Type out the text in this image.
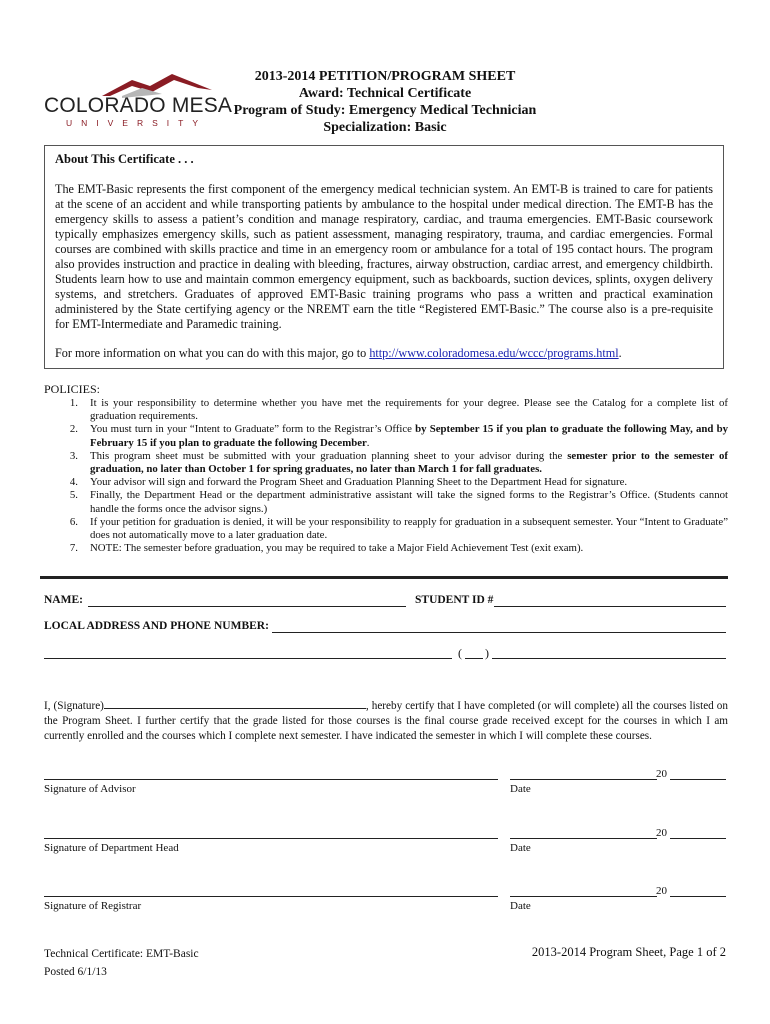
COLORADO MESA
UNIVERSITY
2013-2014 PETITION/PROGRAM SHEET
Award: Technical Certificate
Program of Study: Emergency Medical Technician
Specialization: Basic
About This Certificate . . .
The EMT-Basic represents the first component of the emergency medical technician system. An EMT-B is trained to care for patients at the scene of an accident and while transporting patients by ambulance to the hospital under medical direction. The EMT-B has the emergency skills to assess a patient’s condition and manage respiratory, cardiac, and trauma emergencies. EMT-Basic coursework typically emphasizes emergency skills, such as patient assessment, managing respiratory, trauma, and cardiac emergencies. Formal courses are combined with skills practice and time in an emergency room or ambulance for a total of 195 contact hours. The program also provides instruction and practice in dealing with bleeding, fractures, airway obstruction, cardiac arrest, and emergency childbirth. Students learn how to use and maintain common emergency equipment, such as backboards, suction devices, splints, oxygen delivery systems, and stretchers. Graduates of approved EMT-Basic training programs who pass a written and practical examination administered by the State certifying agency or the NREMT earn the title “Registered EMT-Basic.” The course also is a pre-requisite for EMT-Intermediate and Paramedic training.
For more information on what you can do with this major, go to http://www.coloradomesa.edu/wccc/programs.html.
POLICIES:
1.	It is your responsibility to determine whether you have met the requirements for your degree. Please see the Catalog for a complete list of graduation requirements.
2.	You must turn in your “Intent to Graduate” form to the Registrar’s Office by September 15 if you plan to graduate the following May, and by February 15 if you plan to graduate the following December.
3.	This program sheet must be submitted with your graduation planning sheet to your advisor during the semester prior to the semester of graduation, no later than October 1 for spring graduates, no later than March 1 for fall graduates.
4.	Your advisor will sign and forward the Program Sheet and Graduation Planning Sheet to the Department Head for signature.
5.	Finally, the Department Head or the department administrative assistant will take the signed forms to the Registrar’s Office. (Students cannot handle the forms once the advisor signs.)
6.	If your petition for graduation is denied, it will be your responsibility to reapply for graduation in a subsequent semester. Your “Intent to Graduate” does not automatically move to a later graduation date.
7.	NOTE: The semester before graduation, you may be required to take a Major Field Achievement Test (exit exam).
NAME:	STUDENT ID #
LOCAL ADDRESS AND PHONE NUMBER:
( )
I, (Signature)	, hereby certify that I have completed (or will complete) all the courses listed on the Program Sheet. I further certify that the grade listed for those courses is the final course grade received except for the courses in which I am currently enrolled and the courses which I complete next semester. I have indicated the semester in which I will complete these courses.
20
Signature of Advisor	Date
20
Signature of Department Head	Date
20
Signature of Registrar	Date
Technical Certificate: EMT-Basic
Posted 6/1/13
2013-2014 Program Sheet, Page 1 of 2
